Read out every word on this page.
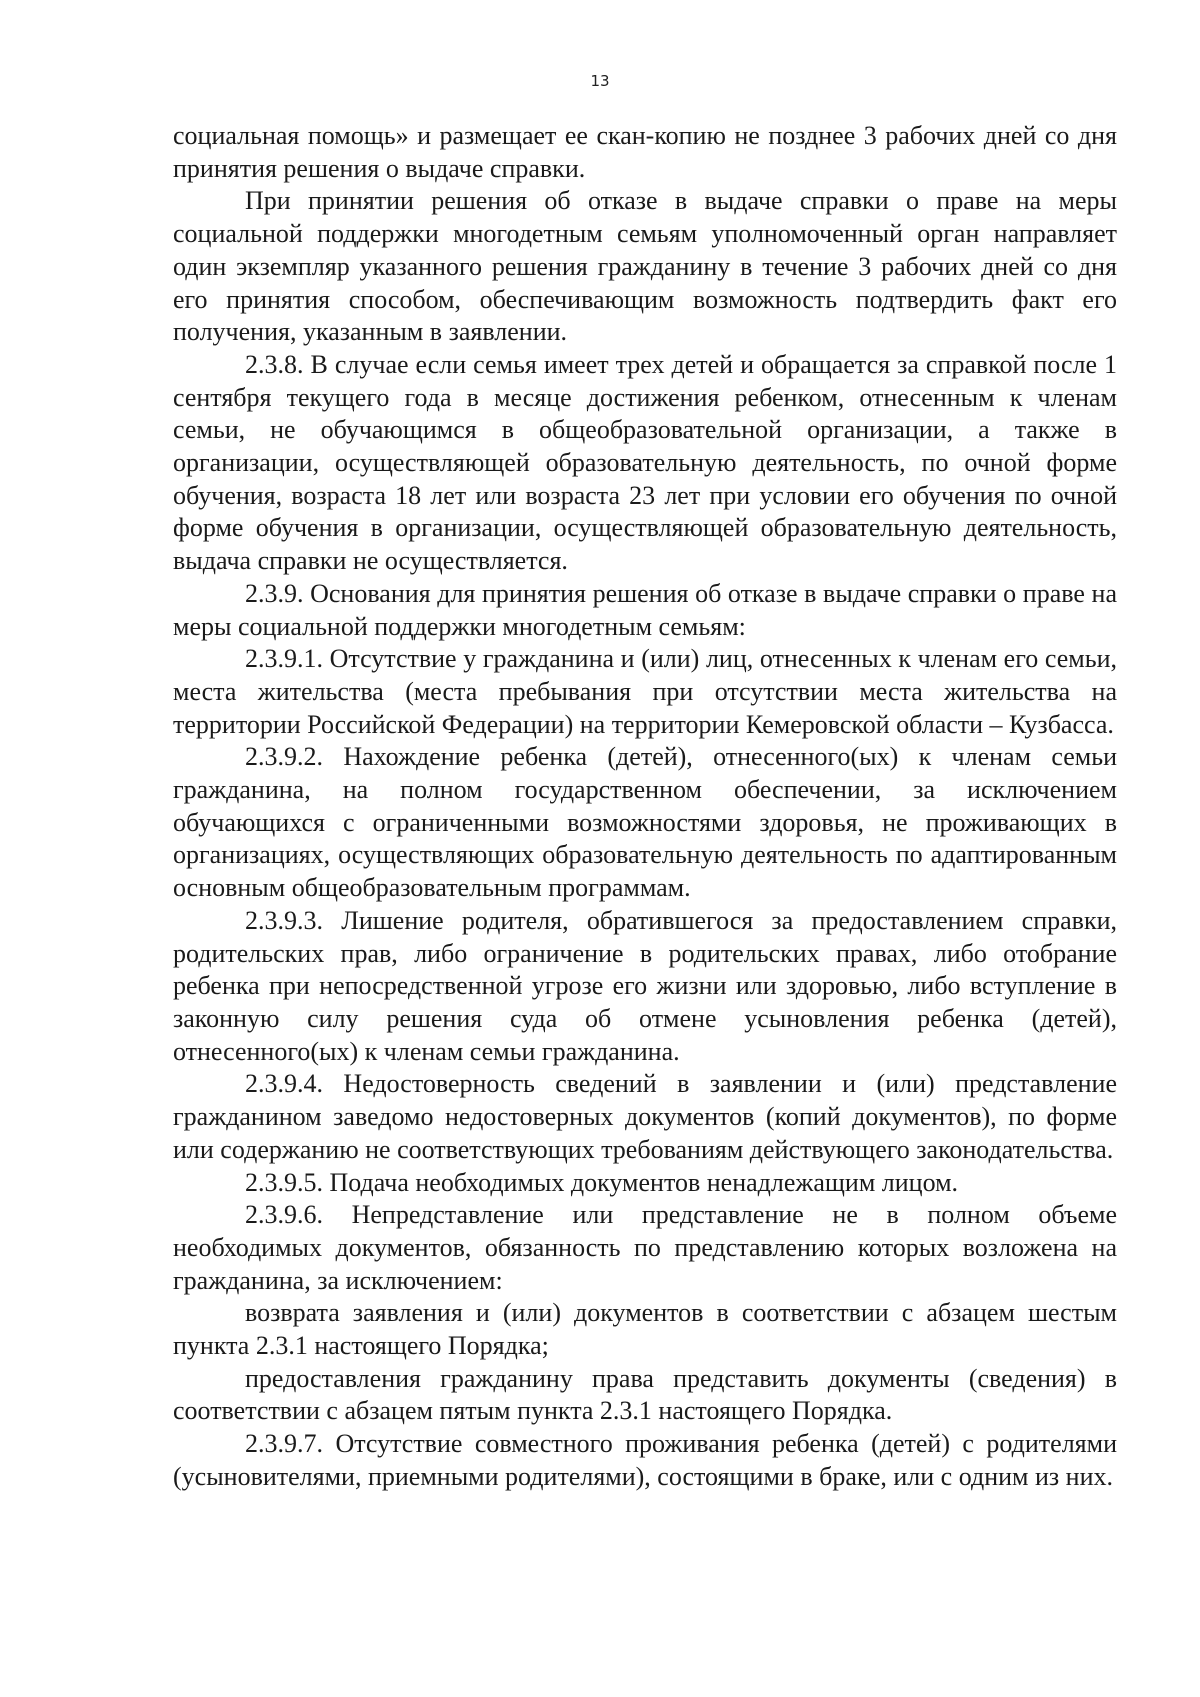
13

социальная помощь» и размещает ее скан-копию не позднее 3 рабочих дней со дня принятия решения о выдаче справки.

При принятии решения об отказе в выдаче справки о праве на меры социальной поддержки многодетным семьям уполномоченный орган направляет один экземпляр указанного решения гражданину в течение 3 рабочих дней со дня его принятия способом, обеспечивающим возможность подтвердить факт его получения, указанным в заявлении.

2.3.8. В случае если семья имеет трех детей и обращается за справкой после 1 сентября текущего года в месяце достижения ребенком, отнесенным к членам семьи, не обучающимся в общеобразовательной организации, а также в организации, осуществляющей образовательную деятельность, по очной форме обучения, возраста 18 лет или возраста 23 лет при условии его обучения по очной форме обучения в организации, осуществляющей образовательную деятельность, выдача справки не осуществляется.

2.3.9. Основания для принятия решения об отказе в выдаче справки о праве на меры социальной поддержки многодетным семьям:

2.3.9.1. Отсутствие у гражданина и (или) лиц, отнесенных к членам его семьи, места жительства (места пребывания при отсутствии места жительства на территории Российской Федерации) на территории Кемеровской области – Кузбасса.

2.3.9.2. Нахождение ребенка (детей), отнесенного(ых) к членам семьи гражданина, на полном государственном обеспечении, за исключением обучающихся с ограниченными возможностями здоровья, не проживающих в организациях, осуществляющих образовательную деятельность по адаптированным основным общеобразовательным программам.

2.3.9.3. Лишение родителя, обратившегося за предоставлением справки, родительских прав, либо ограничение в родительских правах, либо отобрание ребенка при непосредственной угрозе его жизни или здоровью, либо вступление в законную силу решения суда об отмене усыновления ребенка (детей), отнесенного(ых) к членам семьи гражданина.

2.3.9.4. Недостоверность сведений в заявлении и (или) представление гражданином заведомо недостоверных документов (копий документов), по форме или содержанию не соответствующих требованиям действующего законодательства.

2.3.9.5. Подача необходимых документов ненадлежащим лицом.

2.3.9.6. Непредставление или представление не в полном объеме необходимых документов, обязанность по представлению которых возложена на гражданина, за исключением:

возврата заявления и (или) документов в соответствии с абзацем шестым пункта 2.3.1 настоящего Порядка;

предоставления гражданину права представить документы (сведения) в соответствии с абзацем пятым пункта 2.3.1 настоящего Порядка.

2.3.9.7. Отсутствие совместного проживания ребенка (детей) с родителями (усыновителями, приемными родителями), состоящими в браке, или с одним из них.
